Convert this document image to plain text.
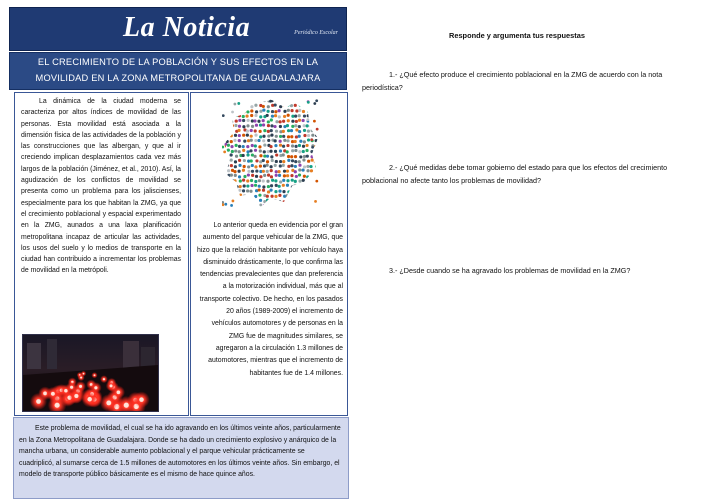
La Noticia	Periódico Escolar
EL CRECIMIENTO DE LA POBLACIÓN Y SUS EFECTOS EN LA
MOVILIDAD EN LA ZONA METROPOLITANA DE GUADALAJARA

La dinámica de la ciudad moderna se caracteriza por altos índices de movilidad de las personas. Esta movilidad está asociada a la dimensión física de las actividades de la población y las construcciones que las albergan, y que al ir creciendo implican desplazamientos cada vez más largos de la población (Jiménez, et al., 2010). Así, la agudización de los conflictos de movilidad se presenta como un problema para los jaliscienses, especialmente para los que habitan la ZMG, ya que el crecimiento poblacional y espacial experimentado en la ZMG, aunados a una laxa planificación metropolitana incapaz de articular las actividades, los usos del suelo y lo medios de transporte en la ciudad han contribuido a incrementar los problemas de movilidad en la metrópoli.

Lo anterior queda en evidencia por el gran aumento del parque vehicular de la ZMG, que hizo que la relación habitante por vehículo haya disminuido drásticamente, lo que confirma las tendencias prevalecientes que dan preferencia a la motorización individual, más que al transporte colectivo. De hecho, en los pasados 20 años (1989-2009) el incremento de vehículos automotores y de personas en la ZMG fue de magnitudes similares, se agregaron a la circulación 1.3 millones de automotores, mientras que el incremento de habitantes fue de 1.4 millones.

Este problema de movilidad, el cual se ha ido agravando en los últimos veinte años, particularmente en la Zona Metropolitana de Guadalajara. Donde se ha dado un crecimiento explosivo y anárquico de la mancha urbana, un considerable aumento poblacional y el parque vehicular prácticamente se cuadriplicó, al sumarse cerca de 1.5 millones de automotores en los últimos veinte años. Sin embargo, el modelo de transporte público básicamente es el mismo de hace quince años.

Responde y argumenta tus respuestas

1.- ¿Qué efecto produce el crecimiento poblacional en la ZMG de acuerdo con la nota periodística?

2.- ¿Qué medidas debe tomar gobierno del estado para que los efectos del crecimiento poblacional no afecte tanto los problemas de movilidad?

3.- ¿Desde cuando se ha agravado los problemas de movilidad en la ZMG?
